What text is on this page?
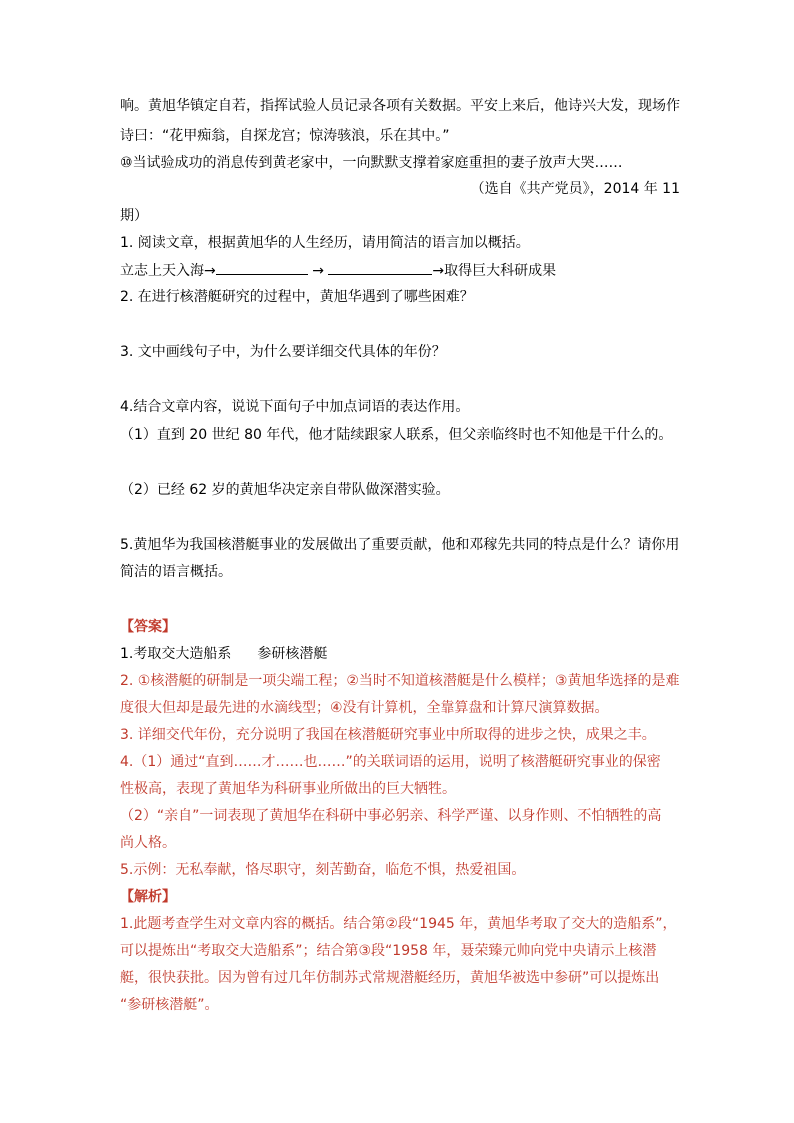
响。黄旭华镇定自若，指挥试验人员记录各项有关数据。平安上来后，他诗兴大发，现场作
诗曰：“花甲痴翁，自探龙宫；惊涛骇浪，乐在其中。”
⑩当试验成功的消息传到黄老家中，一向默默支撑着家庭重担的妻子放声大哭……
（选自《共产党员》，2014 年 11
期）
1. 阅读文章，根据黄旭华的人生经历，请用简洁的语言加以概括。
立志上天入海→	→	→取得巨大科研成果
2. 在进行核潜艇研究的过程中，黄旭华遇到了哪些困难？
3. 文中画线句子中，为什么要详细交代具体的年份？
4.结合文章内容，说说下面句子中加点词语的表达作用。
（1）直到 20 世纪 80 年代，他才陆续跟家人联系，但父亲临终时也不知他是干什么的。
（2）已经 62 岁的黄旭华决定亲自带队做深潜实验。
5.黄旭华为我国核潜艇事业的发展做出了重要贡献，他和邓稼先共同的特点是什么？请你用
简洁的语言概括。
【答案】
1.考取交大造船系 参研核潜艇
2. ①核潜艇的研制是一项尖端工程；②当时不知道核潜艇是什么模样；③黄旭华选择的是难
度很大但却是最先进的水滴线型；④没有计算机，全靠算盘和计算尺演算数据。
3. 详细交代年份，充分说明了我国在核潜艇研究事业中所取得的进步之快，成果之丰。
4.（1）通过“直到……才……也……”的关联词语的运用，说明了核潜艇研究事业的保密
性极高，表现了黄旭华为科研事业所做出的巨大牺牲。
（2）“亲自”一词表现了黄旭华在科研中事必躬亲、科学严谨、以身作则、不怕牺牲的高
尚人格。
5.示例：无私奉献，恪尽职守，刻苦勤奋，临危不惧，热爱祖国。
【解析】
1.此题考查学生对文章内容的概括。结合第②段“1945 年，黄旭华考取了交大的造船系”，
可以提炼出“考取交大造船系”；结合第③段“1958 年，聂荣臻元帅向党中央请示上核潜
艇，很快获批。因为曾有过几年仿制苏式常规潜艇经历，黄旭华被选中参研”可以提炼出
“参研核潜艇”。
